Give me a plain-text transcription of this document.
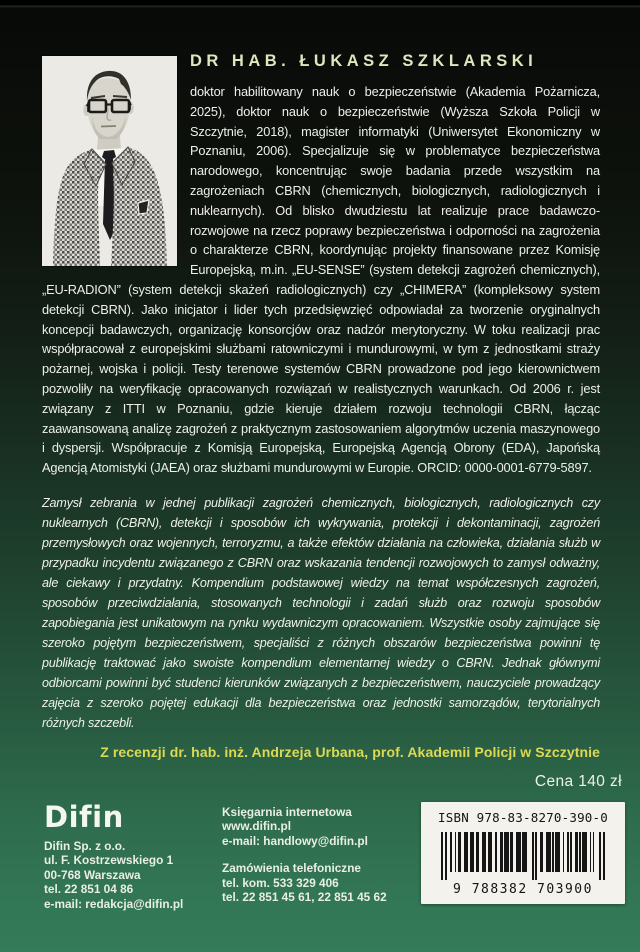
DR HAB. ŁUKASZ SZKLARSKI

doktor habilitowany nauk o bezpieczeństwie (Akademia Pożarnicza, 2025), doktor nauk o bezpieczeństwie (Wyższa Szkoła Policji w Szczytnie, 2018), magister informatyki (Uniwersytet Ekonomiczny w Poznaniu, 2006). Specjalizuje się w problematyce bezpieczeństwa narodowego, koncentrując swoje badania przede wszystkim na zagrożeniach CBRN (chemicznych, biologicznych, radiologicznych i nuklearnych). Od blisko dwudziestu lat realizuje prace badawczo-rozwojowe na rzecz poprawy bezpieczeństwa i odporności na zagrożenia o charakterze CBRN, koordynując projekty finansowane przez Komisję Europejską, m.in. „EU-SENSE” (system detekcji zagrożeń chemicznych), „EU-RADION” (system detekcji skażeń radiologicznych) czy „CHIMERA” (kompleksowy system detekcji CBRN). Jako inicjator i lider tych przedsięwzięć odpowiadał za tworzenie oryginalnych koncepcji badawczych, organizację konsorcjów oraz nadzór merytoryczny. W toku realizacji prac współpracował z europejskimi służbami ratowniczymi i mundurowymi, w tym z jednostkami straży pożarnej, wojska i policji. Testy terenowe systemów CBRN prowadzone pod jego kierownictwem pozwoliły na weryfikację opracowanych rozwiązań w realistycznych warunkach. Od 2006 r. jest związany z ITTI w Poznaniu, gdzie kieruje działem rozwoju technologii CBRN, łącząc zaawansowaną analizę zagrożeń z praktycznym zastosowaniem algorytmów uczenia maszynowego i dyspersji. Współpracuje z Komisją Europejską, Europejską Agencją Obrony (EDA), Japońską Agencją Atomistyki (JAEA) oraz służbami mundurowymi w Europie. ORCID: 0000-0001-6779-5897.

Zamysł zebrania w jednej publikacji zagrożeń chemicznych, biologicznych, radiologicznych czy nuklearnych (CBRN), detekcji i sposobów ich wykrywania, protekcji i dekontaminacji, zagrożeń przemysłowych oraz wojennych, terroryzmu, a także efektów działania na człowieka, działania służb w przypadku incydentu związanego z CBRN oraz wskazania tendencji rozwojowych to zamysł odważny, ale ciekawy i przydatny. Kompendium podstawowej wiedzy na temat współczesnych zagrożeń, sposobów przeciwdziałania, stosowanych technologii i zadań służb oraz rozwoju sposobów zapobiegania jest unikatowym na rynku wydawniczym opracowaniem. Wszystkie osoby zajmujące się szeroko pojętym bezpieczeństwem, specjaliści z różnych obszarów bezpieczeństwa powinni tę publikację traktować jako swoiste kompendium elementarnej wiedzy o CBRN. Jednak głównymi odbiorcami powinni być studenci kierunków związanych z bezpieczeństwem, nauczyciele prowadzący zajęcia z szeroko pojętej edukacji dla bezpieczeństwa oraz jednostki samorządów, terytorialnych różnych szczebli.

Z recenzji dr. hab. inż. Andrzeja Urbana, prof. Akademii Policji w Szczytnie

Cena 140 zł

Difin
Difin Sp. z o.o.
ul. F. Kostrzewskiego 1
00-768 Warszawa
tel. 22 851 04 86
e-mail: redakcja@difin.pl
Księgarnia internetowa
www.difin.pl
e-mail: handlowy@difin.pl
Zamówienia telefoniczne
tel. kom. 533 329 406
tel. 22 851 45 61, 22 851 45 62
ISBN 978-83-8270-390-0
9 788382 703900
